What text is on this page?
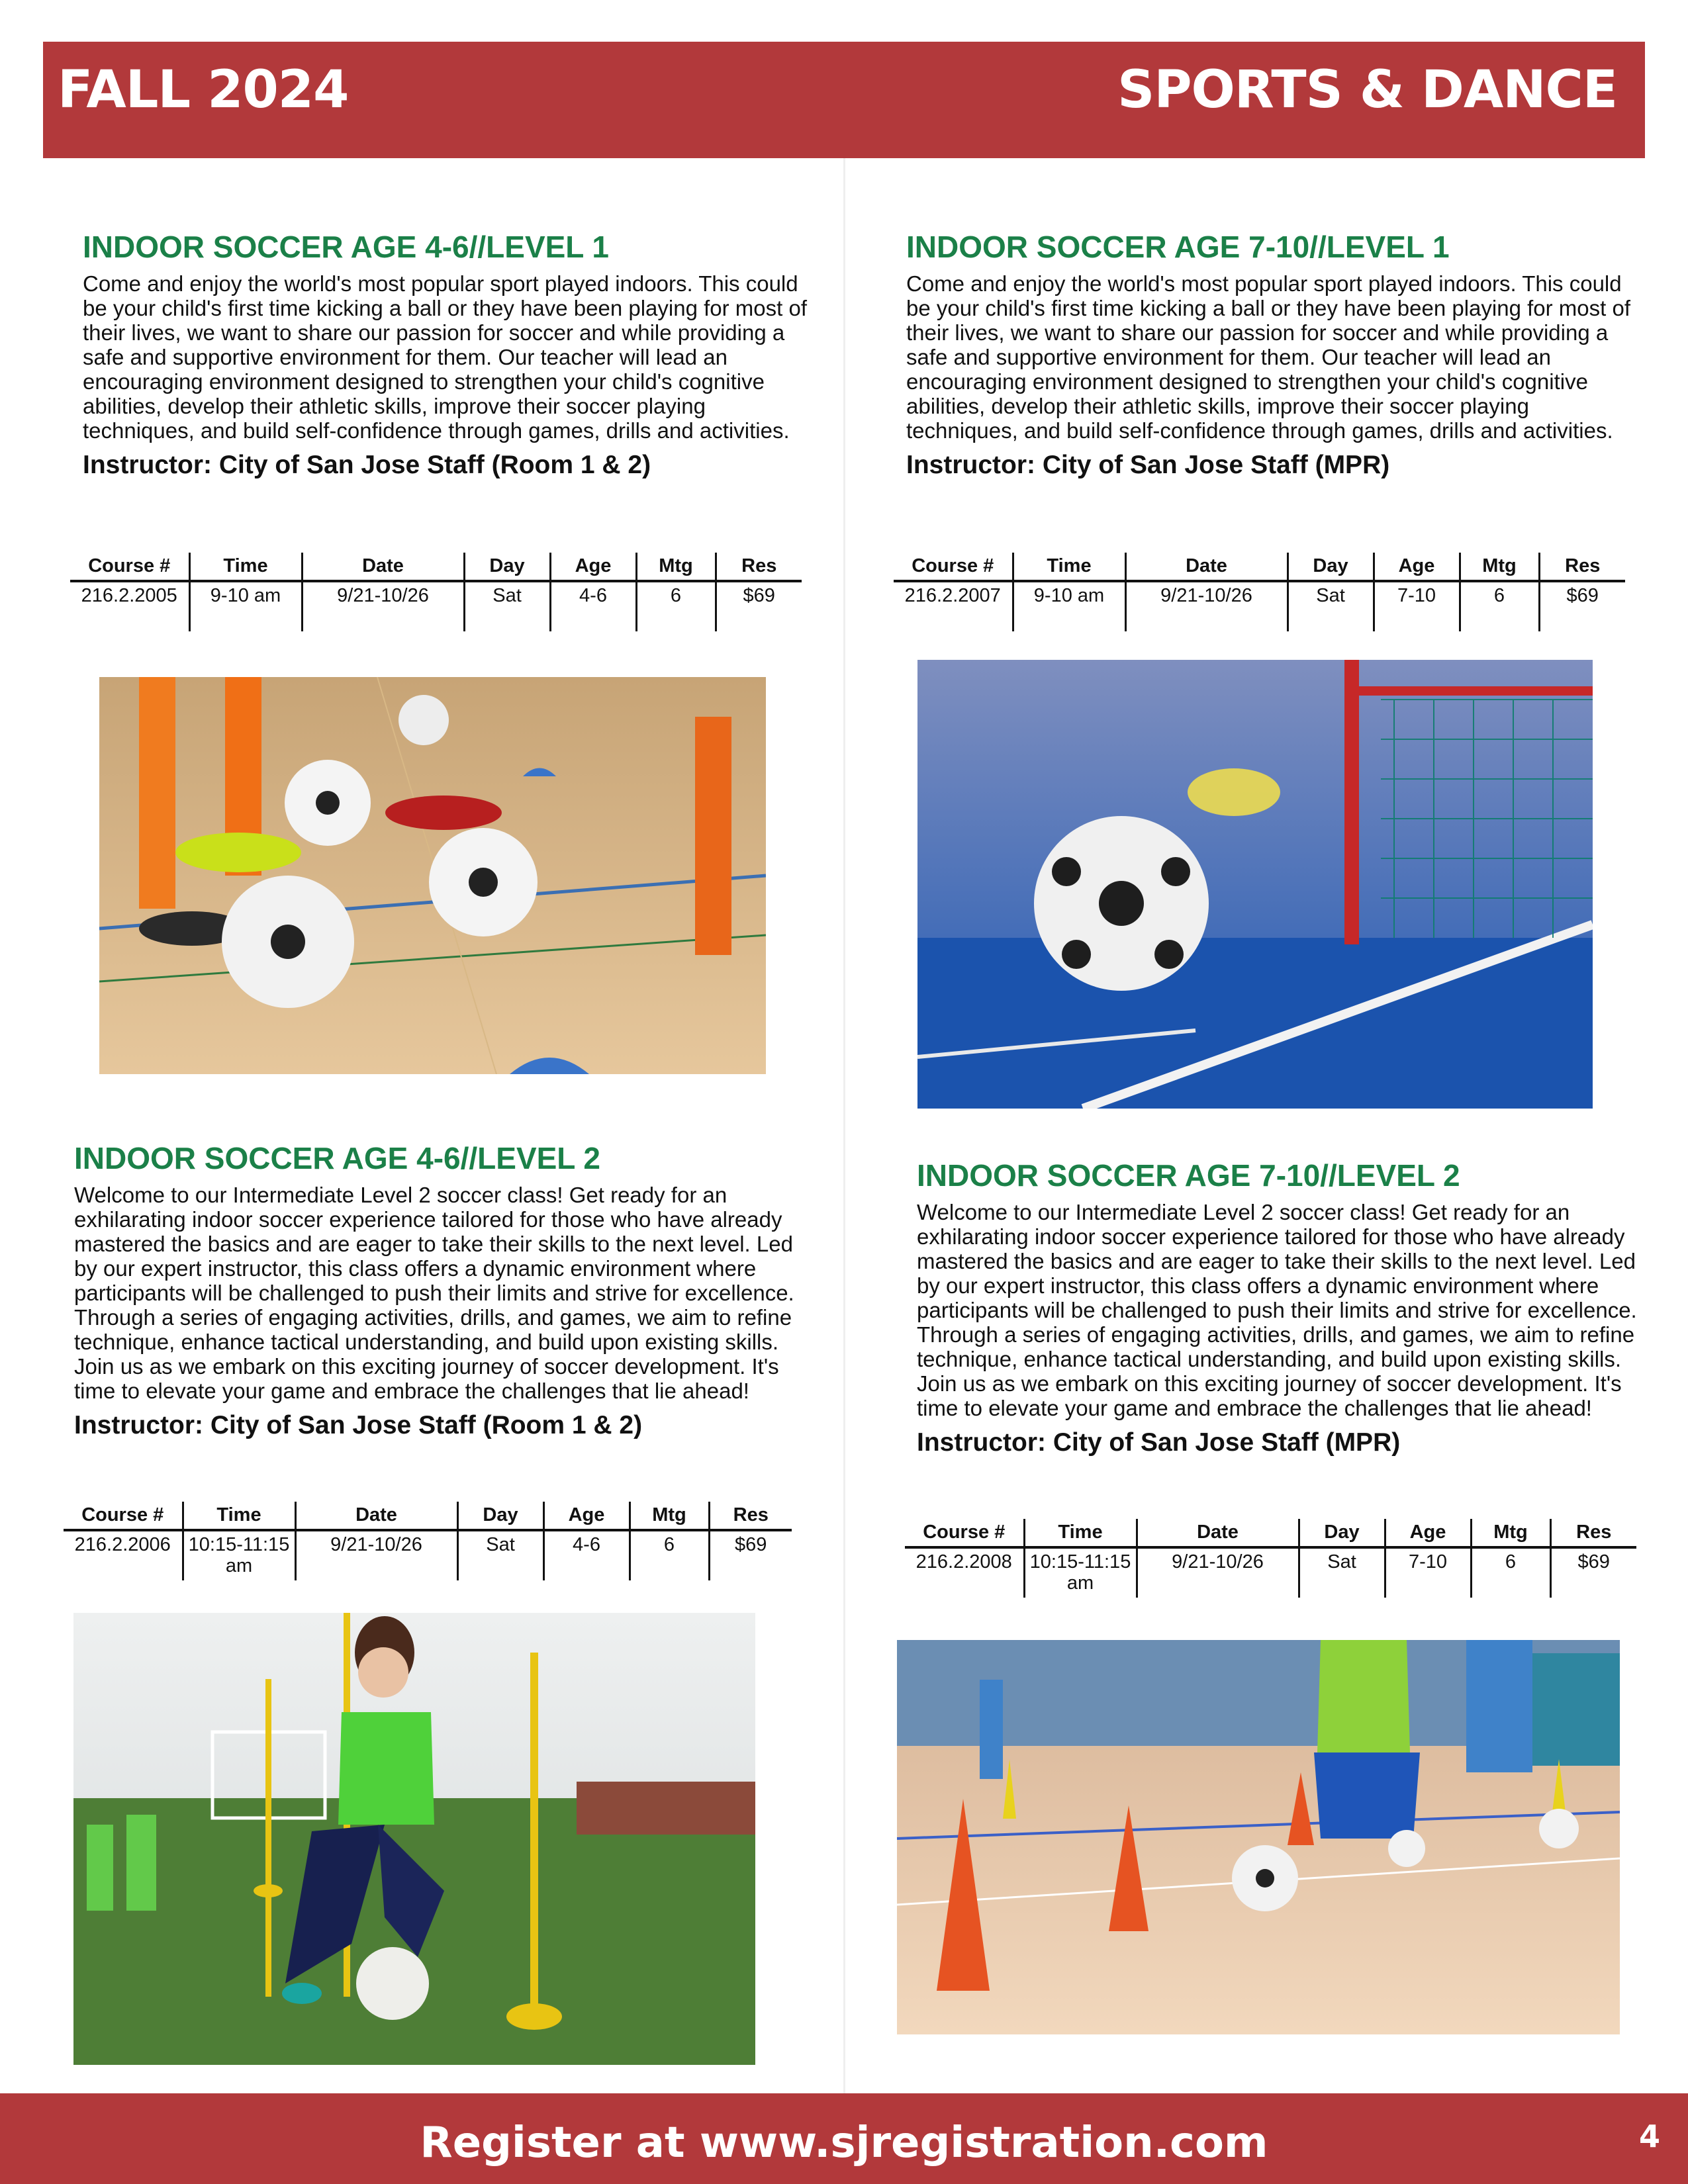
FALL 2024	SPORTS & DANCE
INDOOR SOCCER AGE 4-6//LEVEL 1
Come and enjoy the world's most popular sport played indoors. This could be your child's first time kicking a ball or they have been playing for most of their lives, we want to share our passion for soccer and while providing a safe and supportive environment for them. Our teacher will lead an encouraging environment designed to strengthen your child's cognitive abilities, develop their athletic skills, improve their soccer playing techniques, and build self-confidence through games, drills and activities.
Instructor: City of San Jose Staff (Room 1 & 2)
Course #	Time	Date	Day	Age	Mtg	Res
216.2.2005	9-10 am	9/21-10/26	Sat	4-6	6	$69
INDOOR SOCCER AGE 7-10//LEVEL 1
Come and enjoy the world's most popular sport played indoors. This could be your child's first time kicking a ball or they have been playing for most of their lives, we want to share our passion for soccer and while providing a safe and supportive environment for them. Our teacher will lead an encouraging environment designed to strengthen your child's cognitive abilities, develop their athletic skills, improve their soccer playing techniques, and build self-confidence through games, drills and activities.
Instructor: City of San Jose Staff (MPR)
Course #	Time	Date	Day	Age	Mtg	Res
216.2.2007	9-10 am	9/21-10/26	Sat	7-10	6	$69
INDOOR SOCCER AGE 4-6//LEVEL 2
Welcome to our Intermediate Level 2 soccer class! Get ready for an exhilarating indoor soccer experience tailored for those who have already mastered the basics and are eager to take their skills to the next level. Led by our expert instructor, this class offers a dynamic environment where participants will be challenged to push their limits and strive for excellence. Through a series of engaging activities, drills, and games, we aim to refine technique, enhance tactical understanding, and build upon existing skills. Join us as we embark on this exciting journey of soccer development. It's time to elevate your game and embrace the challenges that lie ahead!
Instructor: City of San Jose Staff (Room 1 & 2)
Course #	Time	Date	Day	Age	Mtg	Res
216.2.2006	10:15-11:15 am	9/21-10/26	Sat	4-6	6	$69
INDOOR SOCCER AGE 7-10//LEVEL 2
Welcome to our Intermediate Level 2 soccer class! Get ready for an exhilarating indoor soccer experience tailored for those who have already mastered the basics and are eager to take their skills to the next level. Led by our expert instructor, this class offers a dynamic environment where participants will be challenged to push their limits and strive for excellence. Through a series of engaging activities, drills, and games, we aim to refine technique, enhance tactical understanding, and build upon existing skills. Join us as we embark on this exciting journey of soccer development. It's time to elevate your game and embrace the challenges that lie ahead!
Instructor: City of San Jose Staff (MPR)
Course #	Time	Date	Day	Age	Mtg	Res
216.2.2008	10:15-11:15 am	9/21-10/26	Sat	7-10	6	$69
Register at www.sjregistration.com	4
